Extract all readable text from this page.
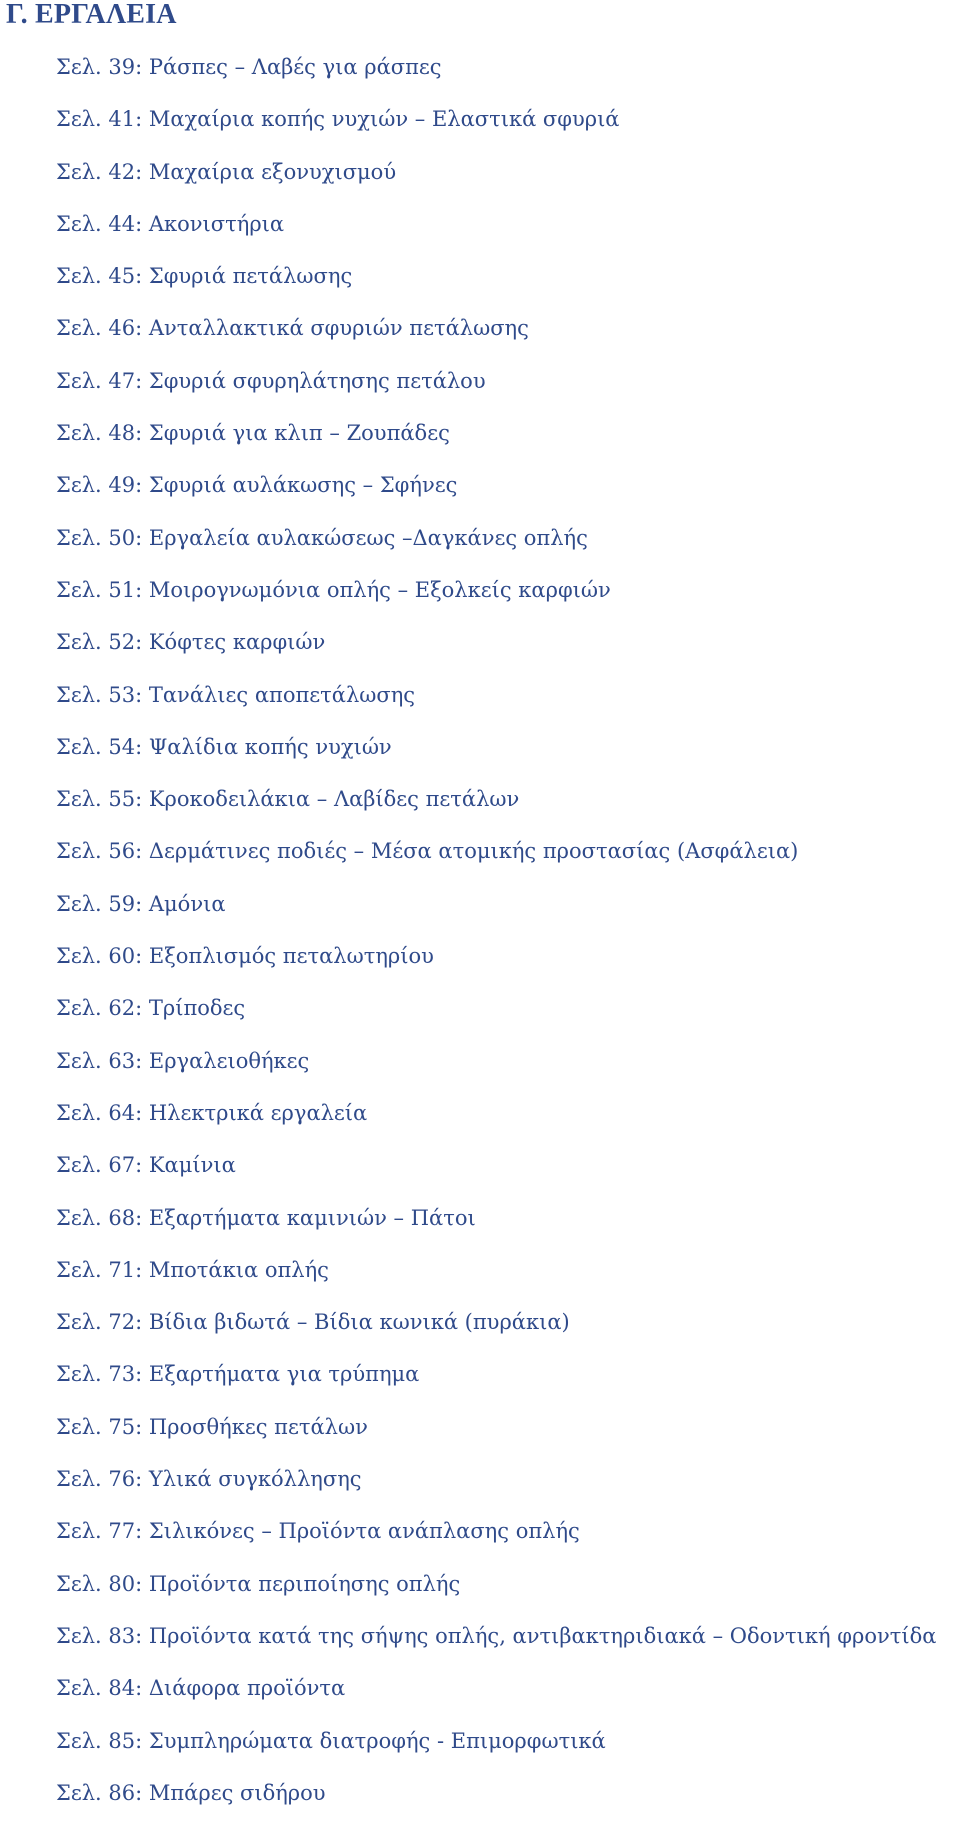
Γ. ΕΡΓΑΛΕΙΑ
Σελ. 39: Ράσπες – Λαβές για ράσπες
Σελ. 41: Μαχαίρια κοπής νυχιών – Ελαστικά σφυριά
Σελ. 42: Μαχαίρια εξονυχισμού
Σελ. 44: Ακονιστήρια
Σελ. 45: Σφυριά πετάλωσης
Σελ. 46: Ανταλλακτικά σφυριών πετάλωσης
Σελ. 47: Σφυριά σφυρηλάτησης πετάλου
Σελ. 48: Σφυριά για κλιπ – Ζουπάδες
Σελ. 49: Σφυριά αυλάκωσης – Σφήνες
Σελ. 50: Εργαλεία αυλακώσεως –Δαγκάνες οπλής
Σελ. 51: Μοιρογνωμόνια οπλής – Εξολκείς καρφιών
Σελ. 52: Κόφτες καρφιών
Σελ. 53: Τανάλιες αποπετάλωσης
Σελ. 54: Ψαλίδια κοπής νυχιών
Σελ. 55: Κροκοδειλάκια – Λαβίδες πετάλων
Σελ. 56: Δερμάτινες ποδιές – Μέσα ατομικής προστασίας (Ασφάλεια)
Σελ. 59: Αμόνια
Σελ. 60: Εξοπλισμός πεταλωτηρίου
Σελ. 62: Τρίποδες
Σελ. 63: Εργαλειοθήκες
Σελ. 64: Ηλεκτρικά εργαλεία
Σελ. 67: Καμίνια
Σελ. 68: Εξαρτήματα καμινιών – Πάτοι
Σελ. 71: Μποτάκια οπλής
Σελ. 72: Βίδια βιδωτά – Βίδια κωνικά (πυράκια)
Σελ. 73: Εξαρτήματα για τρύπημα
Σελ. 75: Προσθήκες πετάλων
Σελ. 76: Υλικά συγκόλλησης
Σελ. 77: Σιλικόνες – Προϊόντα ανάπλασης οπλής
Σελ. 80: Προϊόντα περιποίησης οπλής
Σελ. 83: Προϊόντα κατά της σήψης οπλής, αντιβακτηριδιακά – Οδοντική φροντίδα
Σελ. 84: Διάφορα προϊόντα
Σελ. 85: Συμπληρώματα διατροφής - Επιμορφωτικά
Σελ. 86: Μπάρες σιδήρου
